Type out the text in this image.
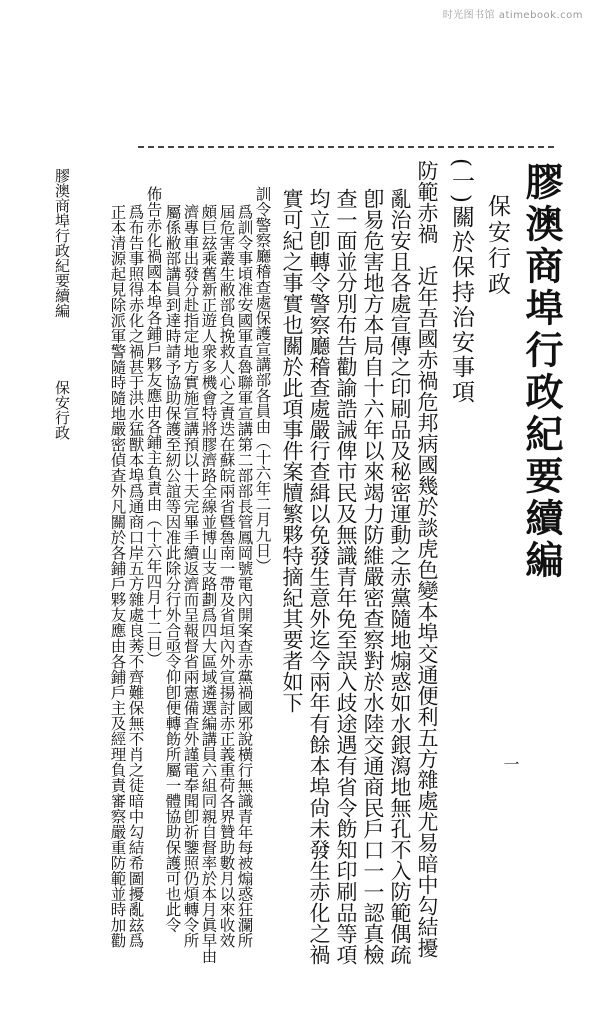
时光图书馆 atimebook.com
膠澳商埠行政紀要續編
保安行政
(一)關於保持治安事項
防範赤禍　近年吾國赤禍危邦病國幾於談虎色變本埠交通便利五方雜處尤易暗中勾結擾
亂治安且各處宣傳之印刷品及秘密運動之赤黨隨地煽惑如水銀瀉地無孔不入防範偶疏
卽易危害地方本局自十六年以來竭力防維嚴密查察對於水陸交通商民戶口一一認真檢
查一面並分別布告勸諭誥誡俾市民及無識青年免至誤入歧途遇有省令飭知印刷品等項
均立卽轉令警察廳稽查處嚴行查緝以免發生意外迄今兩年有餘本埠尙未發生赤化之禍
實可紀之事實也關於此項事件案牘繁夥特摘紀其要者如下
訓令警察廳稽查處保護宣講部各員由（十六年二月九日）
爲訓令事頃准安國軍直魯聯軍宣講第二部部長管鳳岡號電內開案查赤黨禍國邪說橫行無識青年每被煽惑狂瀾所
屆危害叢生敝部負挽救人心之責迭在蘇皖兩省曁魯南一帶及省垣內外宣揚討赤正義重荷各界贊助數月以來收效
頗巨玆乘舊新正遊人衆多機會特將膠濟路全線並博山支路劃爲四大區域遴選編講員六組同親自督率於本月眞早由
濟專車出發分赴指定地方實施宣講預以十天完畢手續返濟而呈報督省兩憲備查外謹電奉聞卽祈鑒照仍煩轉令所
屬係敝部講員到達時請予協助保護至紉公誼等因准此除分行外合亟令仰卽便轉飭所屬一體協助保護可也此令
佈告赤化禍國本埠各鋪戶夥友應由各鋪主負責由（十六年四月十二日）
爲布告事照得赤化之禍甚于洪水猛獸本埠爲通商口岸五方雜處良莠不齊難保無不肖之徒暗中勾結希圖擾亂玆爲
正本清源起見除派軍警隨時隨地嚴密偵查外凡關於各鋪戶夥友應由各鋪戶主及經理負責審察嚴重防範並時加勸
膠澳商埠行政紀要續編
保安行政
一
